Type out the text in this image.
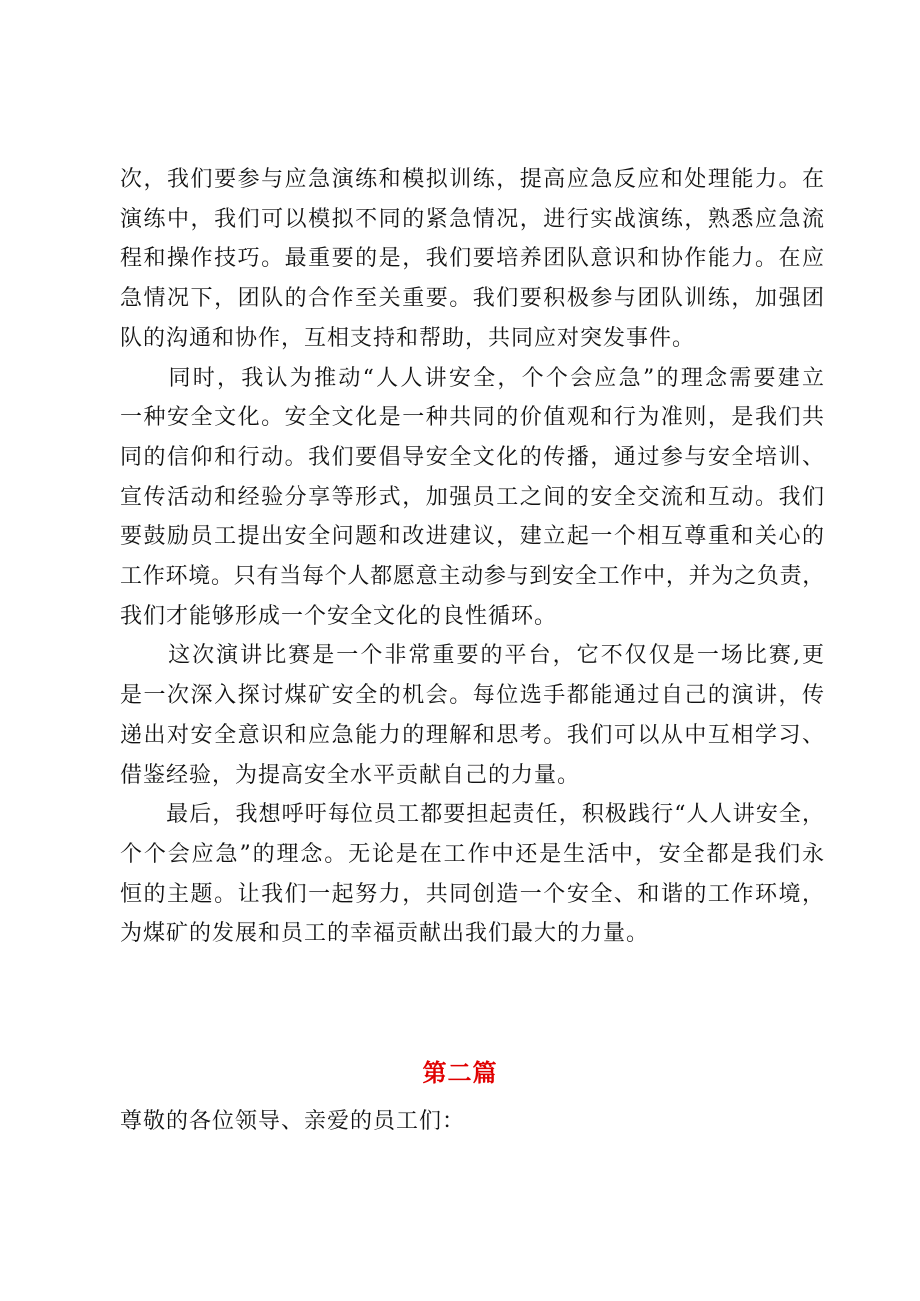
次，我们要参与应急演练和模拟训练，提高应急反应和处理能力。在
演练中，我们可以模拟不同的紧急情况，进行实战演练，熟悉应急流
程和操作技巧。最重要的是，我们要培养团队意识和协作能力。在应
急情况下，团队的合作至关重要。我们要积极参与团队训练，加强团
队的沟通和协作，互相支持和帮助，共同应对突发事件。

　　同时，我认为推动“人人讲安全，个个会应急”的理念需要建立
一种安全文化。安全文化是一种共同的价值观和行为准则，是我们共
同的信仰和行动。我们要倡导安全文化的传播，通过参与安全培训、
宣传活动和经验分享等形式，加强员工之间的安全交流和互动。我们
要鼓励员工提出安全问题和改进建议，建立起一个相互尊重和关心的
工作环境。只有当每个人都愿意主动参与到安全工作中，并为之负责，
我们才能够形成一个安全文化的良性循环。

　　这次演讲比赛是一个非常重要的平台，它不仅仅是一场比赛,更
是一次深入探讨煤矿安全的机会。每位选手都能通过自己的演讲，传
递出对安全意识和应急能力的理解和思考。我们可以从中互相学习、
借鉴经验，为提高安全水平贡献自己的力量。

　　最后，我想呼吁每位员工都要担起责任，积极践行“人人讲安全，
个个会应急”的理念。无论是在工作中还是生活中，安全都是我们永
恒的主题。让我们一起努力，共同创造一个安全、和谐的工作环境，
为煤矿的发展和员工的幸福贡献出我们最大的力量。

第二篇

尊敬的各位领导、亲爱的员工们：
